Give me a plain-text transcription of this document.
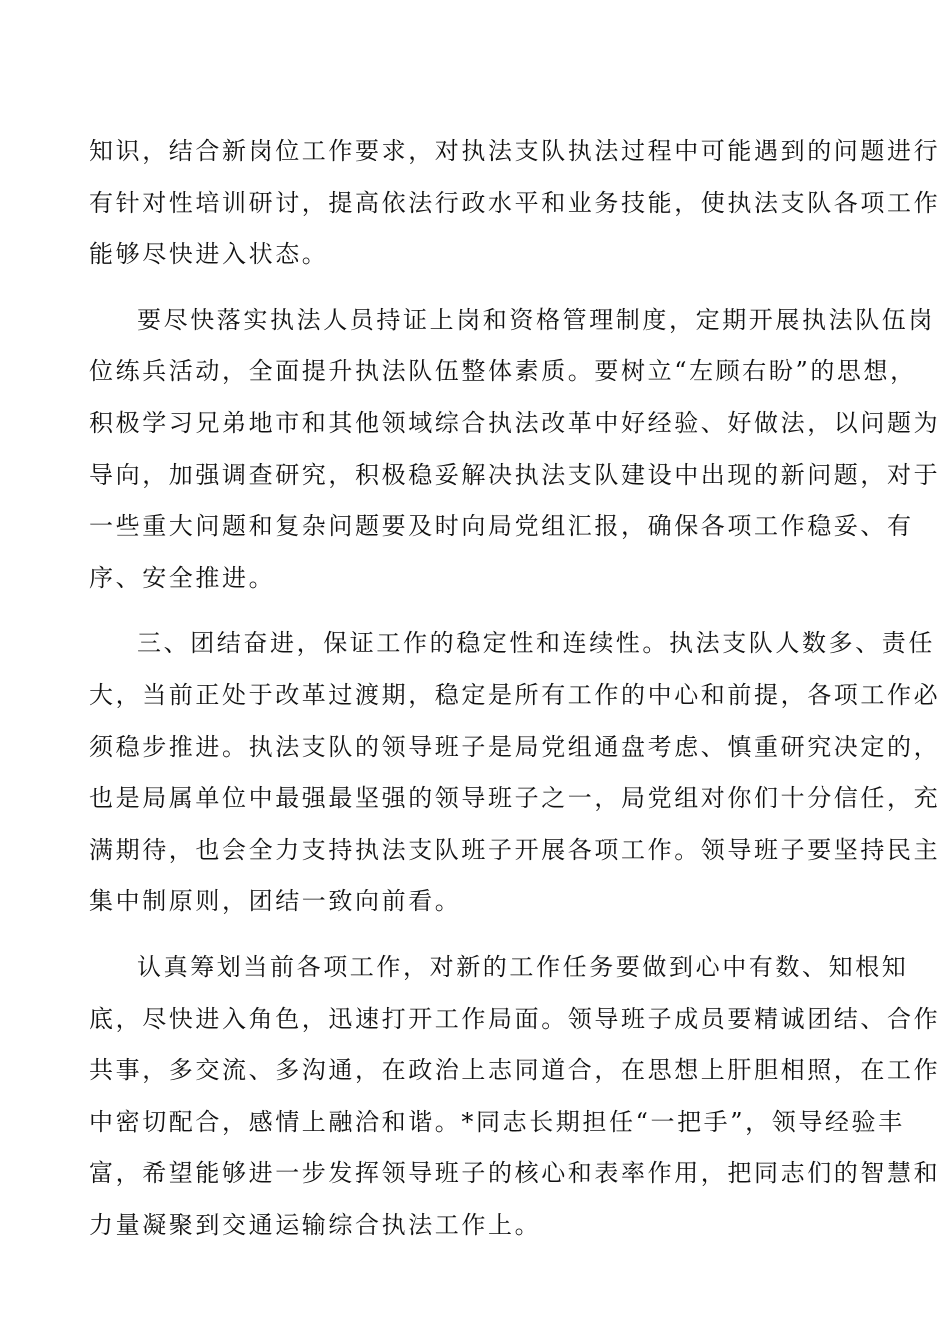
知识，结合新岗位工作要求，对执法支队执法过程中可能遇到的问题进行
有针对性培训研讨，提高依法行政水平和业务技能，使执法支队各项工作
能够尽快进入状态。
要尽快落实执法人员持证上岗和资格管理制度，定期开展执法队伍岗
位练兵活动，全面提升执法队伍整体素质。要树立“左顾右盼”的思想，
积极学习兄弟地市和其他领域综合执法改革中好经验、好做法，以问题为
导向，加强调查研究，积极稳妥解决执法支队建设中出现的新问题，对于
一些重大问题和复杂问题要及时向局党组汇报，确保各项工作稳妥、有
序、安全推进。
三、团结奋进，保证工作的稳定性和连续性。执法支队人数多、责任
大，当前正处于改革过渡期，稳定是所有工作的中心和前提，各项工作必
须稳步推进。执法支队的领导班子是局党组通盘考虑、慎重研究决定的，
也是局属单位中最强最坚强的领导班子之一，局党组对你们十分信任，充
满期待，也会全力支持执法支队班子开展各项工作。领导班子要坚持民主
集中制原则，团结一致向前看。
认真筹划当前各项工作，对新的工作任务要做到心中有数、知根知
底，尽快进入角色，迅速打开工作局面。领导班子成员要精诚团结、合作
共事，多交流、多沟通，在政治上志同道合，在思想上肝胆相照，在工作
中密切配合，感情上融洽和谐。*同志长期担任“一把手”，领导经验丰
富，希望能够进一步发挥领导班子的核心和表率作用，把同志们的智慧和
力量凝聚到交通运输综合执法工作上。
